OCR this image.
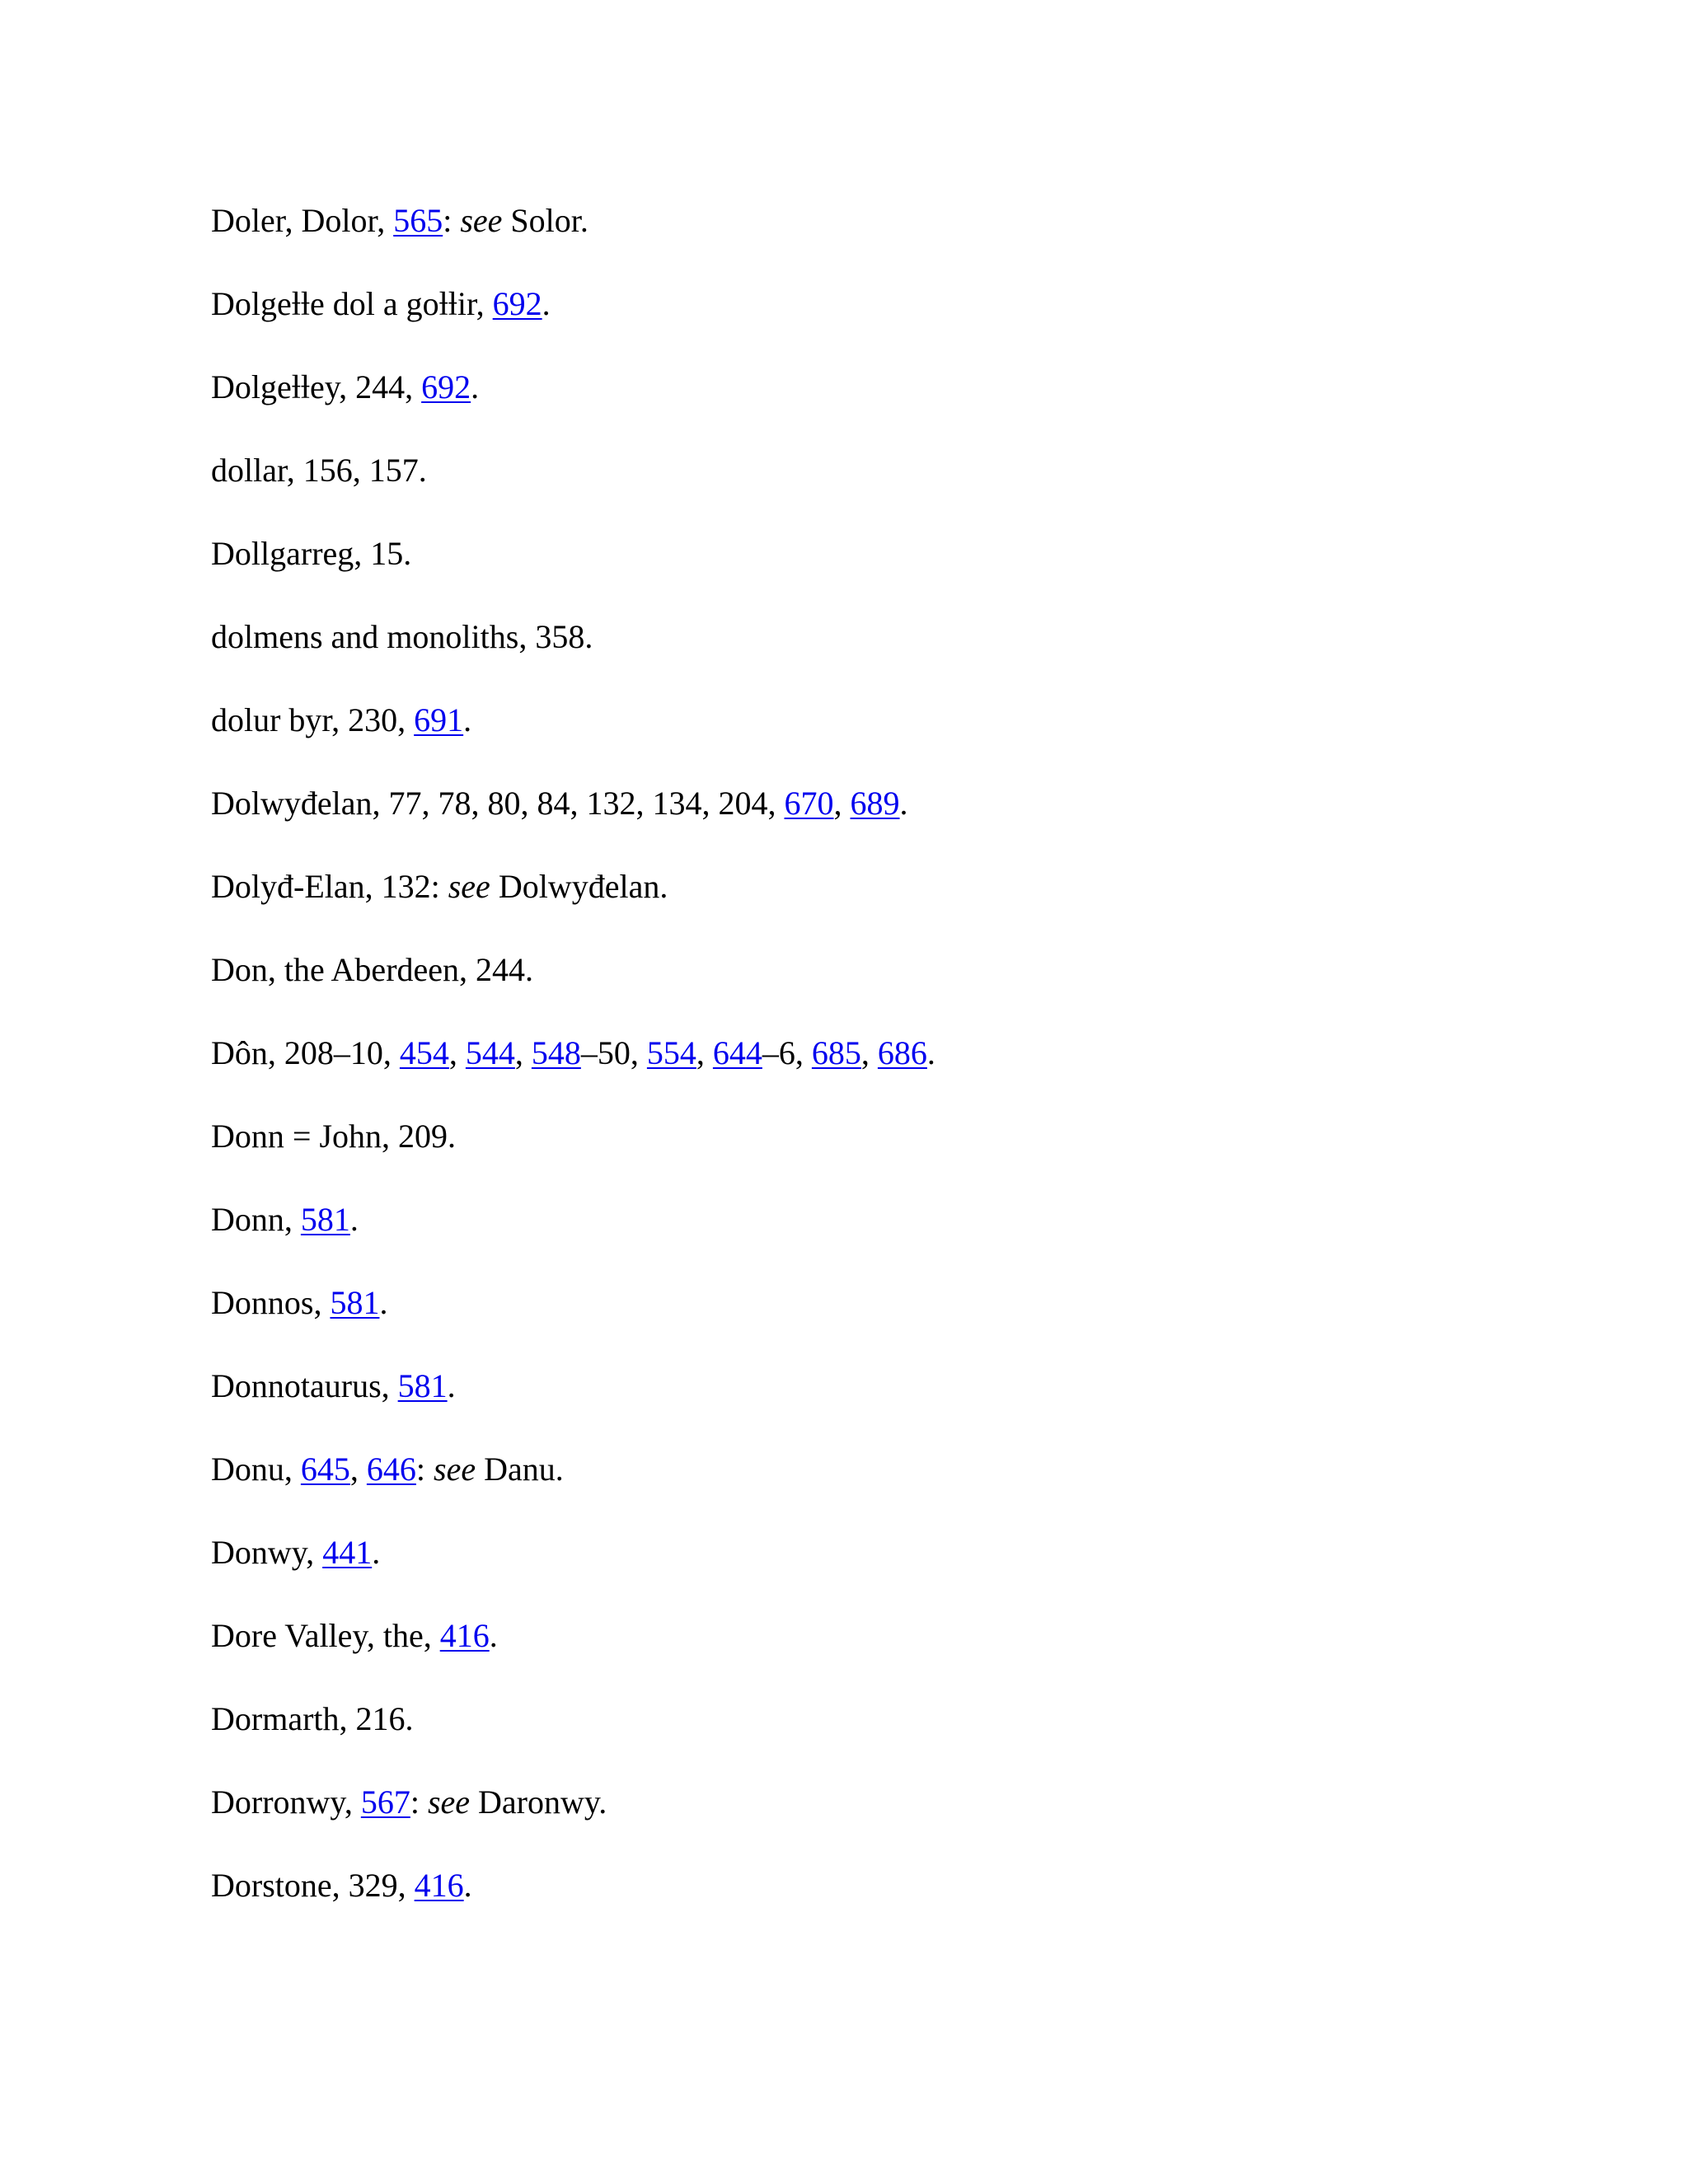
Doler, Dolor, 565: see Solor.

Dolgeƚƚe dol a goƚƚir, 692.

Dolgeƚƚey, 244, 692.

dollar, 156, 157.

Dollgarreg, 15.

dolmens and monoliths, 358.

dolur byr, 230, 691.

Dolwyđelan, 77, 78, 80, 84, 132, 134, 204, 670, 689.

Dolyđ-Elan, 132: see Dolwyđelan.

Don, the Aberdeen, 244.

Dôn, 208–10, 454, 544, 548–50, 554, 644–6, 685, 686.

Donn = John, 209.

Donn, 581.

Donnos, 581.

Donnotaurus, 581.

Donu, 645, 646: see Danu.

Donwy, 441.

Dore Valley, the, 416.

Dormarth, 216.

Dorronwy, 567: see Daronwy.

Dorstone, 329, 416.
